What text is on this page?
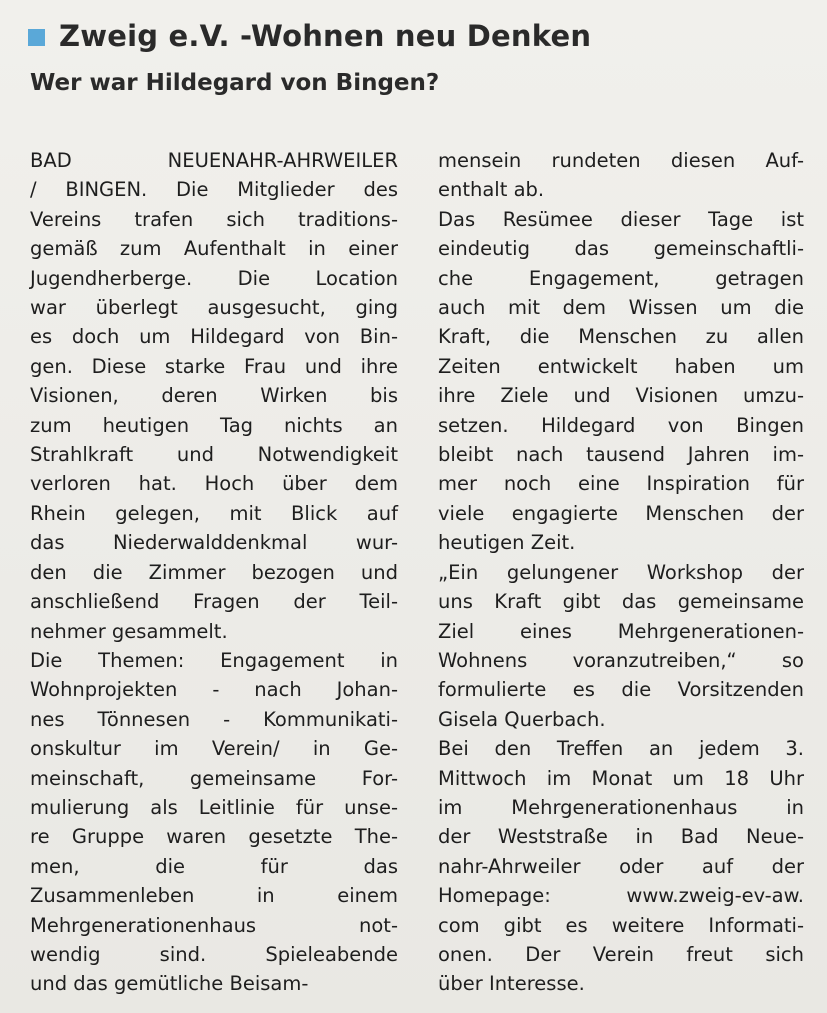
Zweig e.V. -Wohnen neu Denken
Wer war Hildegard von Bingen?
BAD NEUENAHR-AHRWEILER
/ BINGEN. Die Mitglieder des
Vereins trafen sich traditions-
gemäß zum Aufenthalt in einer
Jugendherberge. Die Location
war überlegt ausgesucht, ging
es doch um Hildegard von Bin-
gen. Diese starke Frau und ihre
Visionen, deren Wirken bis
zum heutigen Tag nichts an
Strahlkraft und Notwendigkeit
verloren hat. Hoch über dem
Rhein gelegen, mit Blick auf
das Niederwalddenkmal wur-
den die Zimmer bezogen und
anschließend Fragen der Teil-
nehmer gesammelt.
Die Themen: Engagement in
Wohnprojekten - nach Johan-
nes Tönnesen - Kommunikati-
onskultur im Verein/ in Ge-
meinschaft, gemeinsame For-
mulierung als Leitlinie für unse-
re Gruppe waren gesetzte The-
men, die für das
Zusammenleben in einem
Mehrgenerationenhaus not-
wendig sind. Spieleabende
und das gemütliche Beisam-
mensein rundeten diesen Auf-
enthalt ab.
Das Resümee dieser Tage ist
eindeutig das gemeinschaftli-
che Engagement, getragen
auch mit dem Wissen um die
Kraft, die Menschen zu allen
Zeiten entwickelt haben um
ihre Ziele und Visionen umzu-
setzen. Hildegard von Bingen
bleibt nach tausend Jahren im-
mer noch eine Inspiration für
viele engagierte Menschen der
heutigen Zeit.
„Ein gelungener Workshop der
uns Kraft gibt das gemeinsame
Ziel eines Mehrgenerationen-
Wohnens voranzutreiben,“ so
formulierte es die Vorsitzenden
Gisela Querbach.
Bei den Treffen an jedem 3.
Mittwoch im Monat um 18 Uhr
im Mehrgenerationenhaus in
der Weststraße in Bad Neue-
nahr-Ahrweiler oder auf der
Homepage: www.zweig-ev-aw.
com gibt es weitere Informati-
onen. Der Verein freut sich
über Interesse.
